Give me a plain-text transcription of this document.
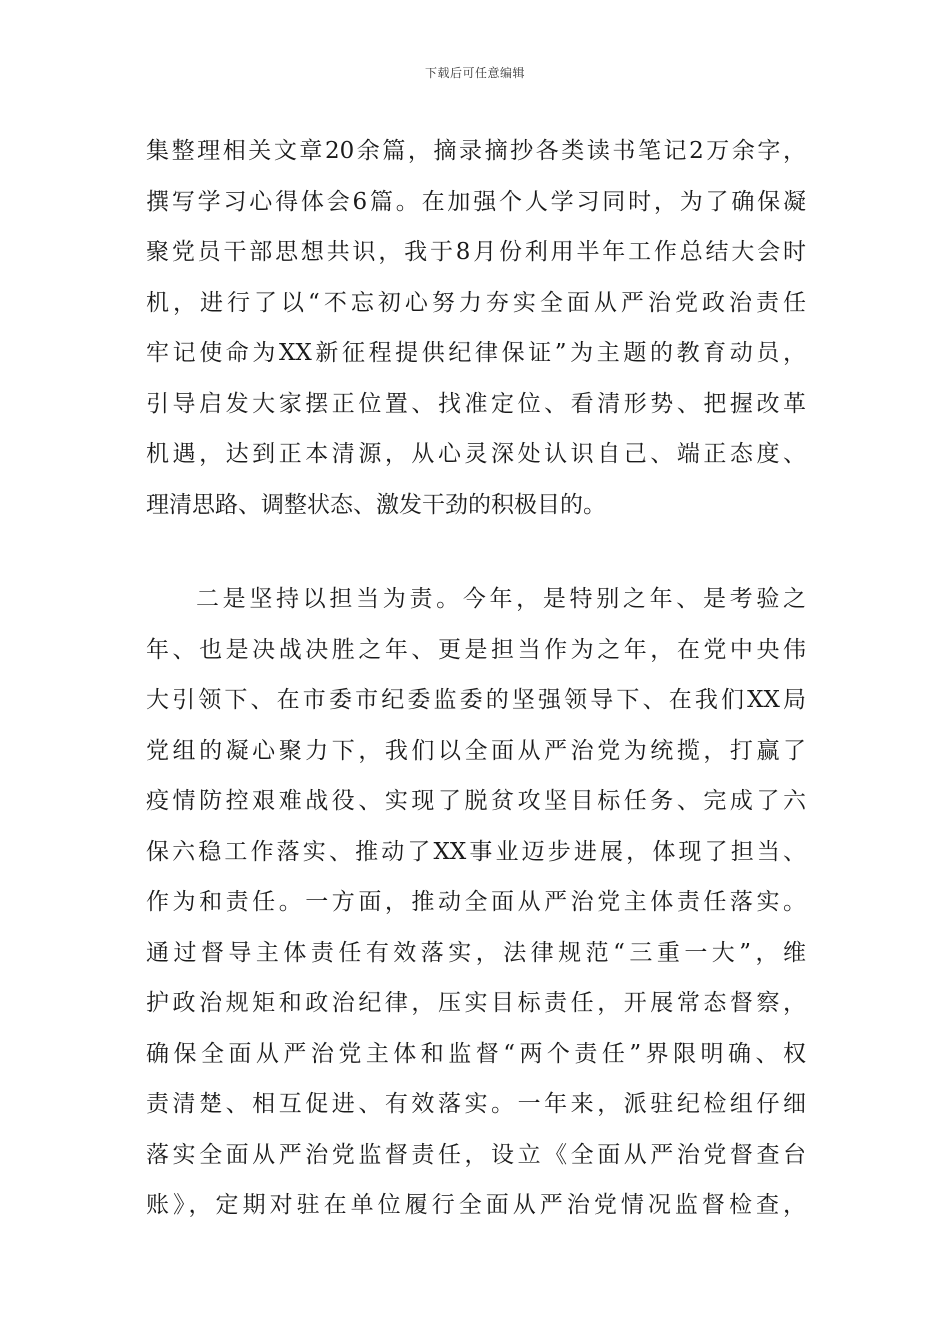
下载后可任意编辑
集整理相关文章20余篇，摘录摘抄各类读书笔记2万余字，
撰写学习心得体会6篇。在加强个人学习同时，为了确保凝
聚党员干部思想共识，我于8月份利用半年工作总结大会时
机，进行了以“不忘初心努力夯实全面从严治党政治责任
牢记使命为XX新征程提供纪律保证”为主题的教育动员，
引导启发大家摆正位置、找准定位、看清形势、把握改革
机遇，达到正本清源，从心灵深处认识自己、端正态度、
理清思路、调整状态、激发干劲的积极目的。
二是坚持以担当为责。今年，是特别之年、是考验之
年、也是决战决胜之年、更是担当作为之年，在党中央伟
大引领下、在市委市纪委监委的坚强领导下、在我们XX局
党组的凝心聚力下，我们以全面从严治党为统揽，打赢了
疫情防控艰难战役、实现了脱贫攻坚目标任务、完成了六
保六稳工作落实、推动了XX事业迈步进展，体现了担当、
作为和责任。一方面，推动全面从严治党主体责任落实。
通过督导主体责任有效落实，法律规范“三重一大”，维
护政治规矩和政治纪律，压实目标责任，开展常态督察，
确保全面从严治党主体和监督“两个责任”界限明确、权
责清楚、相互促进、有效落实。一年来，派驻纪检组仔细
落实全面从严治党监督责任，设立《全面从严治党督查台
账》，定期对驻在单位履行全面从严治党情况监督检查，
